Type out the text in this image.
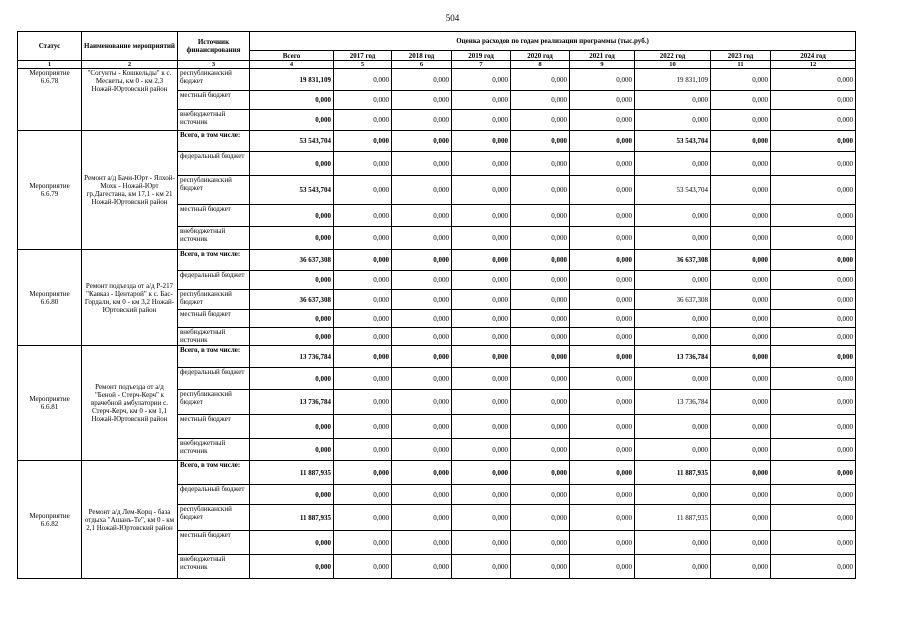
504
Статус	Наименование мероприятий	Источник финансирования	Оценка расходов по годам реализации программы (тыс.руб.)								
			Всего	2017 год	2018 год	2019 год	2020 год	2021 год	2022 год	2023 год	2024 год
1	2	3	4	5	6	7	8	9	10	11	12
Мероприятие 6.6.78	"Согунты - Кошкельды" к с. Мескеты, км 0 - км 2,3 Ножай-Юртовский район	республиканский бюджет	19 831,109	0,000	0,000	0,000	0,000	0,000	19 831,109	0,000	0,000
		местный бюджет	0,000	0,000	0,000	0,000	0,000	0,000	0,000	0,000	0,000
		внебюджетный источник	0,000	0,000	0,000	0,000	0,000	0,000	0,000	0,000	0,000
Мероприятие 6.6.79	Ремонт а/д Бачи-Юрт - Ялхой-Мохк - Ножай-Юрт гр.Дагестана, км 17,1 - км 21 Ножай-Юртовский район	Всего, в том числе:	53 543,704	0,000	0,000	0,000	0,000	0,000	53 543,704	0,000	0,000
		федеральный бюджет	0,000	0,000	0,000	0,000	0,000	0,000	0,000	0,000	0,000
		республиканский бюджет	53 543,704	0,000	0,000	0,000	0,000	0,000	53 543,704	0,000	0,000
		местный бюджет	0,000	0,000	0,000	0,000	0,000	0,000	0,000	0,000	0,000
		внебюджетный источник	0,000	0,000	0,000	0,000	0,000	0,000	0,000	0,000	0,000
Мероприятие 6.6.80	Ремонт подъезда от а/д Р-217 "Кавказ - Центарой" к с. Бас-Гордали, км 0 - км 3,2 Ножай-Юртовский район	Всего, в том числе:	36 637,308	0,000	0,000	0,000	0,000	0,000	36 637,308	0,000	0,000
		федеральный бюджет	0,000	0,000	0,000	0,000	0,000	0,000	0,000	0,000	0,000
		республиканский бюджет	36 637,308	0,000	0,000	0,000	0,000	0,000	36 637,308	0,000	0,000
		местный бюджет	0,000	0,000	0,000	0,000	0,000	0,000	0,000	0,000	0,000
		внебюджетный источник	0,000	0,000	0,000	0,000	0,000	0,000	0,000	0,000	0,000
Мероприятие 6.6.81	Ремонт подъезда от а/д "Беной - Стерч-Керч" к врачебной амбулатории с. Стерч-Керч, км 0 - км 1,1 Ножай-Юртовский район	Всего, в том числе:	13 736,784	0,000	0,000	0,000	0,000	0,000	13 736,784	0,000	0,000
		федеральный бюджет	0,000	0,000	0,000	0,000	0,000	0,000	0,000	0,000	0,000
		республиканский бюджет	13 736,784	0,000	0,000	0,000	0,000	0,000	13 736,784	0,000	0,000
		местный бюджет	0,000	0,000	0,000	0,000	0,000	0,000	0,000	0,000	0,000
		внебюджетный источник	0,000	0,000	0,000	0,000	0,000	0,000	0,000	0,000	0,000
Мероприятие 6.6.82	Ремонт а/д Лем-Корц - база отдыха "Ашанъ-Те", км 0 - км 2,1 Ножай-Юртовский район	Всего, в том числе:	11 887,935	0,000	0,000	0,000	0,000	0,000	11 887,935	0,000	0,000
		федеральный бюджет	0,000	0,000	0,000	0,000	0,000	0,000	0,000	0,000	0,000
		республиканский бюджет	11 887,935	0,000	0,000	0,000	0,000	0,000	11 887,935	0,000	0,000
		местный бюджет	0,000	0,000	0,000	0,000	0,000	0,000	0,000	0,000	0,000
		внебюджетный источник	0,000	0,000	0,000	0,000	0,000	0,000	0,000	0,000	0,000
